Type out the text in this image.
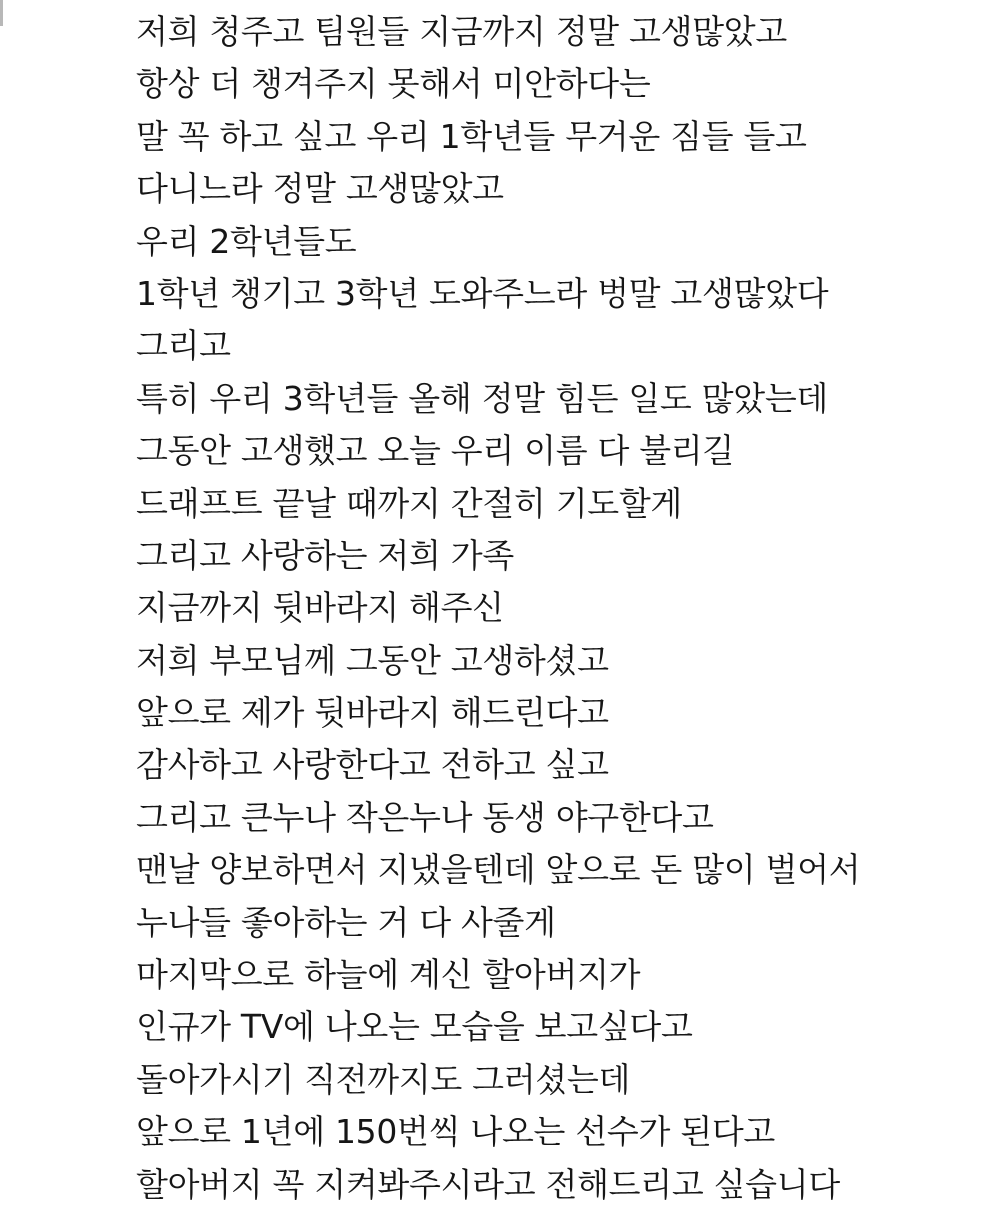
저희 청주고 팀원들 지금까지 정말 고생많았고
항상 더 챙겨주지 못해서 미안하다는
말 꼭 하고 싶고 우리 1학년들 무거운 짐들 들고
다니느라 정말 고생많았고
우리 2학년들도
1학년 챙기고 3학년 도와주느라 벙말 고생많았다
그리고
특히 우리 3학년들 올해 정말 힘든 일도 많았는데
그동안 고생했고 오늘 우리 이름 다 불리길
드래프트 끝날 때까지 간절히 기도할게
그리고 사랑하는 저희 가족
지금까지 뒷바라지 해주신
저희 부모님께 그동안 고생하셨고
앞으로 제가 뒷바라지 해드린다고
감사하고 사랑한다고 전하고 싶고
그리고 큰누나 작은누나 동생 야구한다고
맨날 양보하면서 지냈을텐데 앞으로 돈 많이 벌어서
누나들 좋아하는 거 다 사줄게
마지막으로 하늘에 계신 할아버지가
인규가 TV에 나오는 모습을 보고싶다고
돌아가시기 직전까지도 그러셨는데
앞으로 1년에 150번씩 나오는 선수가 된다고
할아버지 꼭 지켜봐주시라고 전해드리고 싶습니다
